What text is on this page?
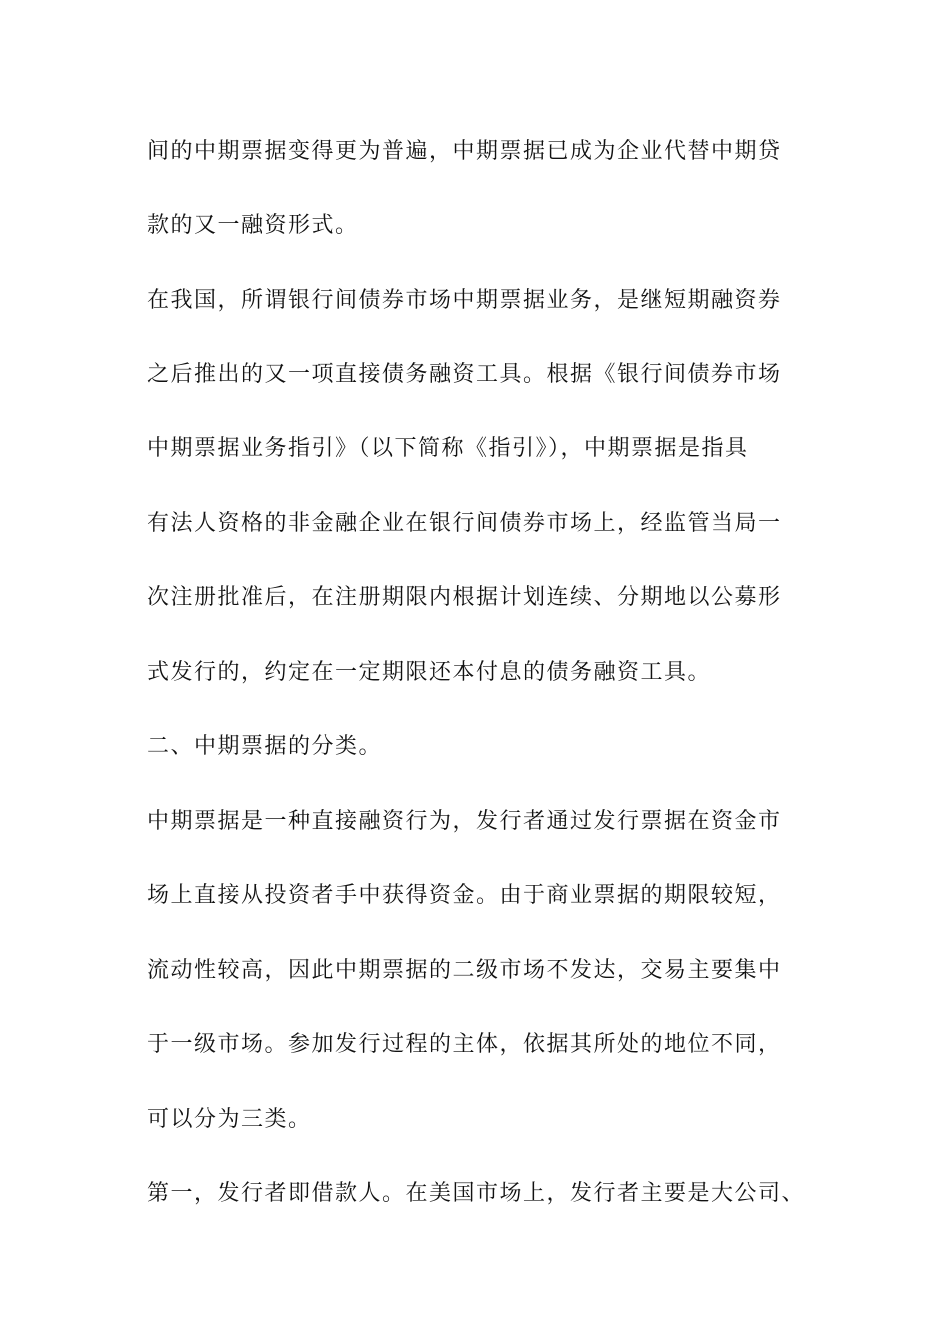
间的中期票据变得更为普遍，中期票据已成为企业代替中期贷
款的又一融资形式。
在我国，所谓银行间债券市场中期票据业务，是继短期融资券
之后推出的又一项直接债务融资工具。根据《银行间债券市场
中期票据业务指引》（以下简称《指引》），中期票据是指具
有法人资格的非金融企业在银行间债券市场上，经监管当局一
次注册批准后，在注册期限内根据计划连续、分期地以公募形
式发行的，约定在一定期限还本付息的债务融资工具。
二、中期票据的分类。
中期票据是一种直接融资行为，发行者通过发行票据在资金市
场上直接从投资者手中获得资金。由于商业票据的期限较短，
流动性较高，因此中期票据的二级市场不发达，交易主要集中
于一级市场。参加发行过程的主体，依据其所处的地位不同，
可以分为三类。
第一，发行者即借款人。在美国市场上，发行者主要是大公司、
